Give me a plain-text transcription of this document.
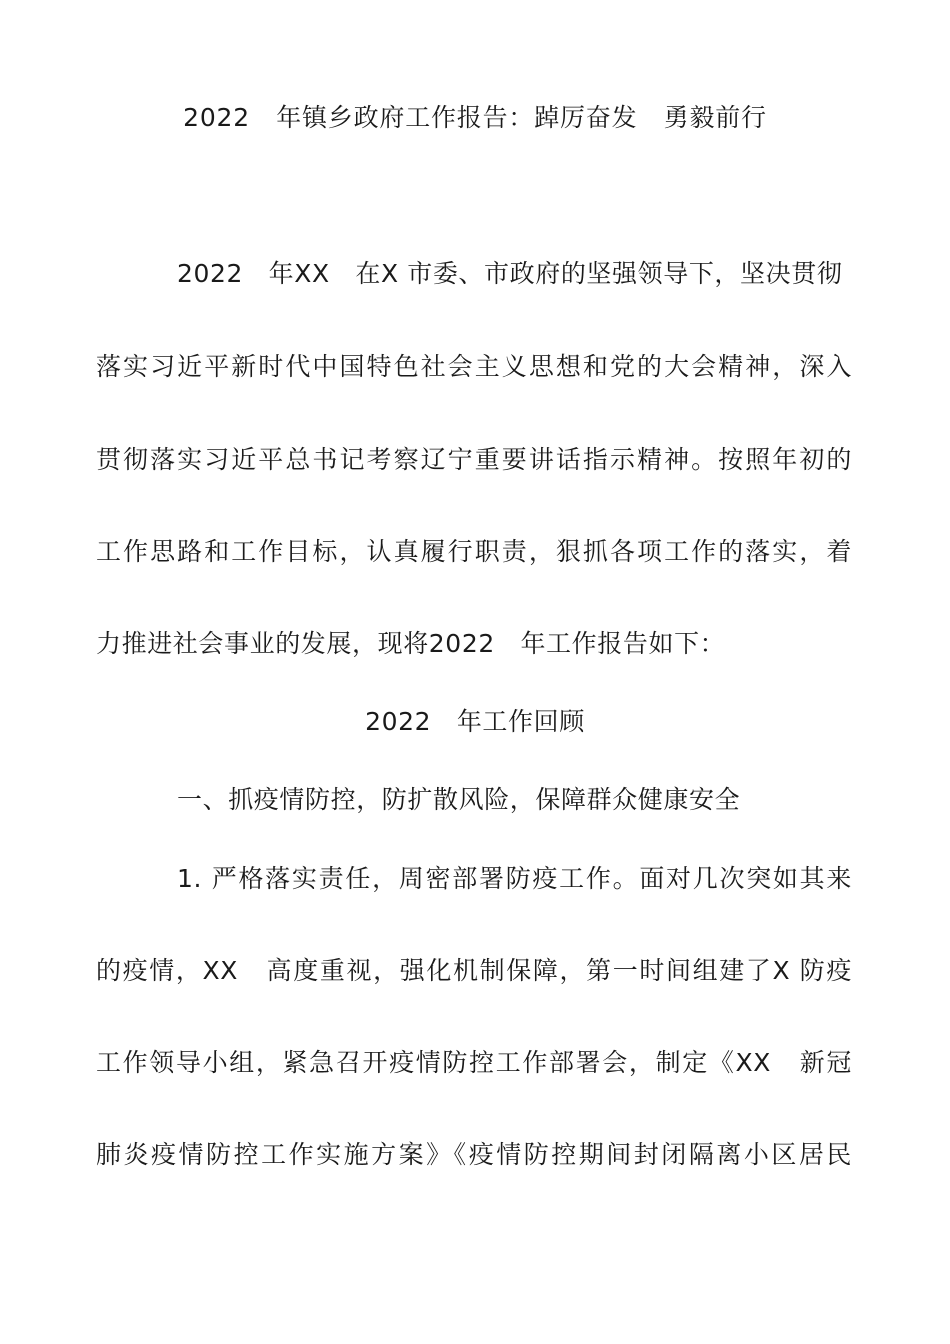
2022   年镇乡政府工作报告：踔厉奋发   勇毅前行
2022   年XX   在X 市委、市政府的坚强领导下，坚决贯彻
落实习近平新时代中国特色社会主义思想和党的大会精神，深入
贯彻落实习近平总书记考察辽宁重要讲话指示精神。按照年初的
工作思路和工作目标，认真履行职责，狠抓各项工作的落实，着
力推进社会事业的发展，现将2022   年工作报告如下：
2022   年工作回顾
一、抓疫情防控，防扩散风险，保障群众健康安全
1. 严格落实责任，周密部署防疫工作。面对几次突如其来
的疫情，XX   高度重视，强化机制保障，第一时间组建了X 防疫
工作领导小组，紧急召开疫情防控工作部署会，制定《XX   新冠
肺炎疫情防控工作实施方案》《疫情防控期间封闭隔离小区居民
